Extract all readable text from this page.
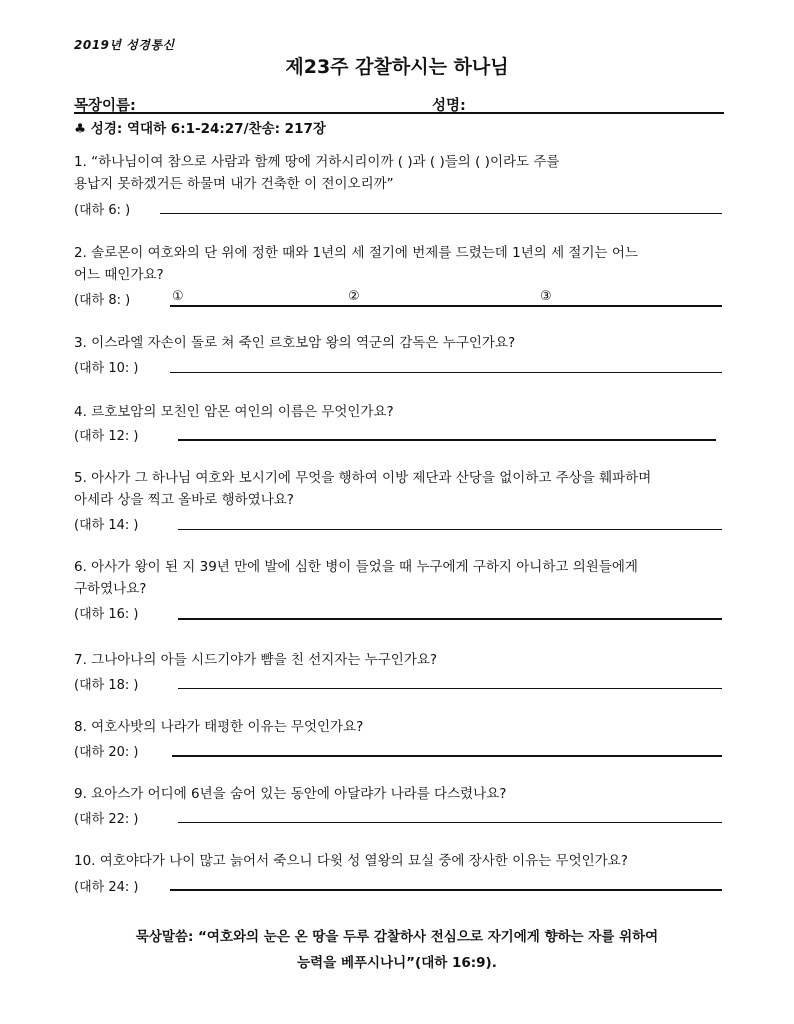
2019년 성경통신
제23주 감찰하시는 하나님
목장이름:	성명:
♣ 성경: 역대하 6:1-24:27/찬송: 217장
1. “하나님이여 참으로 사람과 함께 땅에 거하시리이까 ( )과 ( )들의 ( )이라도 주를
용납지 못하겠거든 하물며 내가 건축한 이 전이오리까”
(대하 6: )
2. 솔로몬이 여호와의 단 위에 정한 때와 1년의 세 절기에 번제를 드렸는데 1년의 세 절기는 어느
어느 때인가요?
(대하 8: )	①	②	③
3. 이스라엘 자손이 돌로 쳐 죽인 르호보암 왕의 역군의 감독은 누구인가요?
(대하 10: )
4. 르호보암의 모친인 암몬 여인의 이름은 무엇인가요?
(대하 12: )
5. 아사가 그 하나님 여호와 보시기에 무엇을 행하여 이방 제단과 산당을 없이하고 주상을 훼파하며
아세라 상을 찍고 올바로 행하였나요?
(대하 14: )
6. 아사가 왕이 된 지 39년 만에 발에 심한 병이 들었을 때 누구에게 구하지 아니하고 의원들에게
구하였나요?
(대하 16: )
7. 그나아나의 아들 시드기야가 뺨을 친 선지자는 누구인가요?
(대하 18: )
8. 여호사밧의 나라가 태평한 이유는 무엇인가요?
(대하 20: )
9. 요아스가 어디에 6년을 숨어 있는 동안에 아달랴가 나라를 다스렸나요?
(대하 22: )
10. 여호야다가 나이 많고 늙어서 죽으니 다윗 성 열왕의 묘실 중에 장사한 이유는 무엇인가요?
(대하 24: )
묵상말씀: “여호와의 눈은 온 땅을 두루 감찰하사 전심으로 자기에게 향하는 자를 위하여
능력을 베푸시나니”(대하 16:9).
